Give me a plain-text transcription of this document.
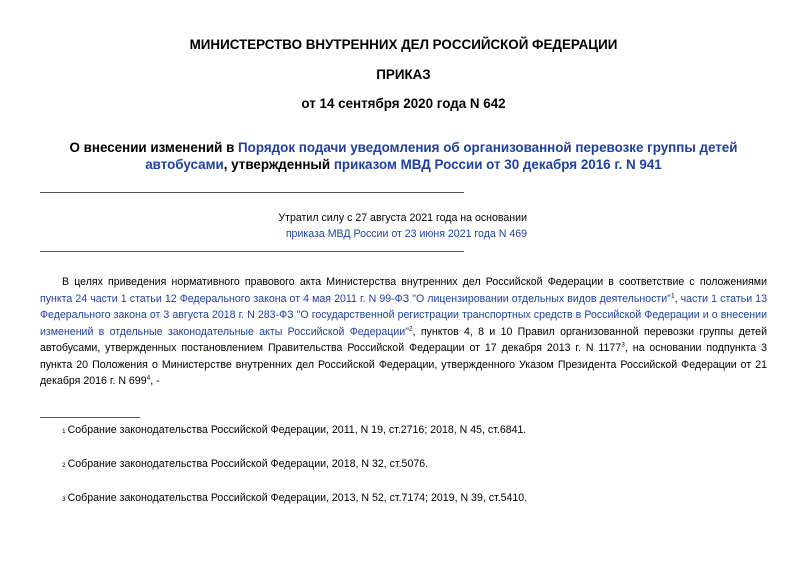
МИНИСТЕРСТВО ВНУТРЕННИХ ДЕЛ РОССИЙСКОЙ ФЕДЕРАЦИИ
ПРИКАЗ
от 14 сентября 2020 года N 642
О внесении изменений в Порядок подачи уведомления об организованной перевозке группы детей автобусами, утвержденный приказом МВД России от 30 декабря 2016 г. N 941
Утратил силу с 27 августа 2021 года на основании
приказа МВД России от 23 июня 2021 года N 469
В целях приведения нормативного правового акта Министерства внутренних дел Российской Федерации в соответствие с положениями пункта 24 части 1 статьи 12 Федерального закона от 4 мая 2011 г. N 99-ФЗ "О лицензировании отдельных видов деятельности"$^1$, части 1 статьи 13 Федерального закона от 3 августа 2018 г. N 283-ФЗ "О государственной регистрации транспортных средств в Российской Федерации и о внесении изменений в отдельные законодательные акты Российской Федерации"$^2$, пунктов 4, 8 и 10 Правил организованной перевозки группы детей автобусами, утвержденных постановлением Правительства Российской Федерации от 17 декабря 2013 г. N 1177$^3$, на основании подпункта 3 пункта 20 Положения о Министерстве внутренних дел Российской Федерации, утвержденного Указом Президента Российской Федерации от 21 декабря 2016 г. N 699$^4$, -
1 Собрание законодательства Российской Федерации, 2011, N 19, ст.2716; 2018, N 45, ст.6841.
2 Собрание законодательства Российской Федерации, 2018, N 32, ст.5076.
3 Собрание законодательства Российской Федерации, 2013, N 52, ст.7174; 2019, N 39, ст.5410.
